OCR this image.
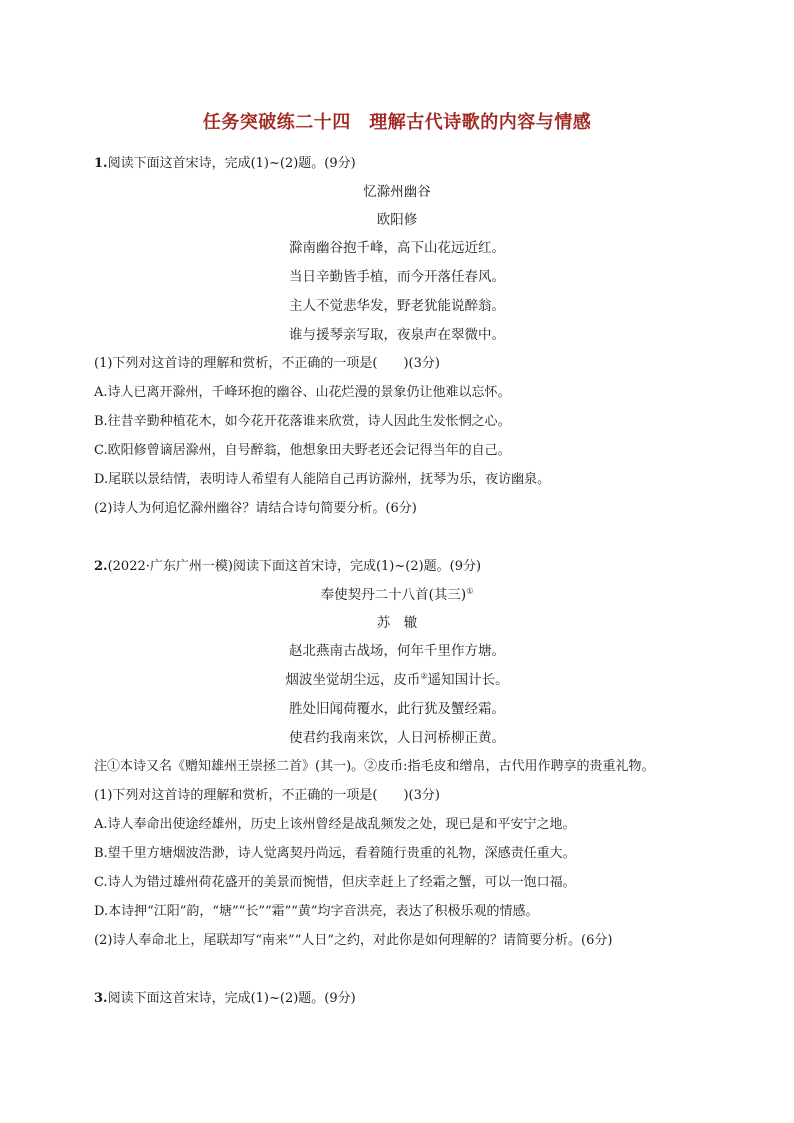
任务突破练二十四　理解古代诗歌的内容与情感
1.阅读下面这首宋诗，完成(1)~(2)题。(9分)
忆滁州幽谷
欧阳修
滁南幽谷抱千峰，高下山花远近红。
当日辛勤皆手植，而今开落任春风。
主人不觉悲华发，野老犹能说醉翁。
谁与援琴亲写取，夜泉声在翠微中。
(1)下列对这首诗的理解和赏析，不正确的一项是(　　)(3分)
A.诗人已离开滁州，千峰环抱的幽谷、山花烂漫的景象仍让他难以忘怀。
B.往昔辛勤种植花木，如今花开花落谁来欣赏，诗人因此生发怅惘之心。
C.欧阳修曾谪居滁州，自号醉翁，他想象田夫野老还会记得当年的自己。
D.尾联以景结情，表明诗人希望有人能陪自己再访滁州，抚琴为乐，夜访幽泉。
(2)诗人为何追忆滁州幽谷？请结合诗句简要分析。(6分)
2.(2022·广东广州一模)阅读下面这首宋诗，完成(1)~(2)题。(9分)
奉使契丹二十八首(其三)①
苏　辙
赵北燕南古战场，何年千里作方塘。
烟波坐觉胡尘远，皮币②遥知国计长。
胜处旧闻荷覆水，此行犹及蟹经霜。
使君约我南来饮，人日河桥柳正黄。
注①本诗又名《赠知雄州王崇拯二首》(其一)。②皮币:指毛皮和缯帛，古代用作聘享的贵重礼物。
(1)下列对这首诗的理解和赏析，不正确的一项是(　　)(3分)
A.诗人奉命出使途经雄州，历史上该州曾经是战乱频发之处，现已是和平安宁之地。
B.望千里方塘烟波浩渺，诗人觉离契丹尚远，看着随行贵重的礼物，深感责任重大。
C.诗人为错过雄州荷花盛开的美景而惋惜，但庆幸赶上了经霜之蟹，可以一饱口福。
D.本诗押“江阳”韵，“塘”“长”“霜”“黄”均字音洪亮，表达了积极乐观的情感。
(2)诗人奉命北上，尾联却写“南来”“人日”之约，对此你是如何理解的？请简要分析。(6分)
3.阅读下面这首宋诗，完成(1)~(2)题。(9分)
